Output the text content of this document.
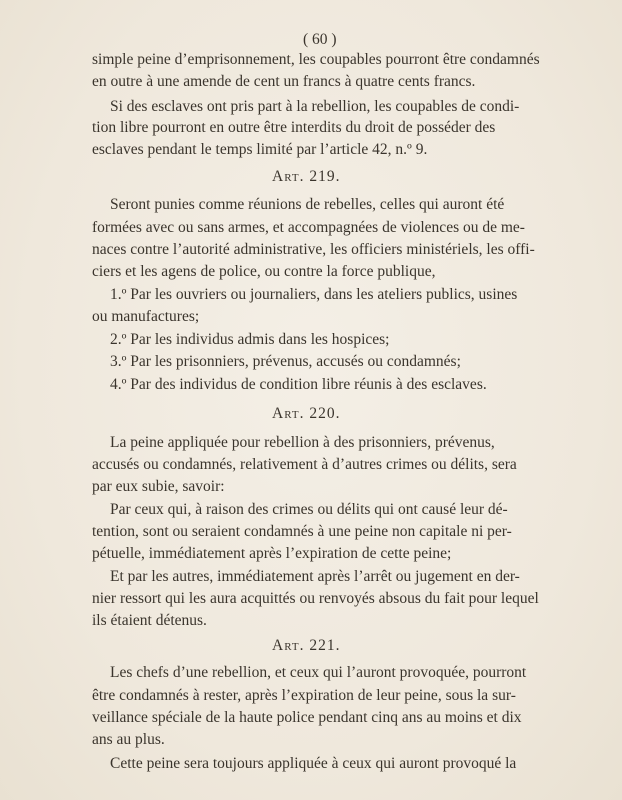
( 60 )
simple peine d’emprisonnement, les coupables pourront être condamnés
en outre à une amende de cent un francs à quatre cents francs.
Si des esclaves ont pris part à la rebellion, les coupables de condi-
tion libre pourront en outre être interdits du droit de posséder des
esclaves pendant le temps limité par l’article 42, n.º 9.
Art. 219.
Seront punies comme réunions de rebelles, celles qui auront été
formées avec ou sans armes, et accompagnées de violences ou de me-
naces contre l’autorité administrative, les officiers ministériels, les offi-
ciers et les agens de police, ou contre la force publique,
1.º Par les ouvriers ou journaliers, dans les ateliers publics, usines
ou manufactures;
2.º Par les individus admis dans les hospices;
3.º Par les prisonniers, prévenus, accusés ou condamnés;
4.º Par des individus de condition libre réunis à des esclaves.
Art. 220.
La peine appliquée pour rebellion à des prisonniers, prévenus,
accusés ou condamnés, relativement à d’autres crimes ou délits, sera
par eux subie, savoir:
Par ceux qui, à raison des crimes ou délits qui ont causé leur dé-
tention, sont ou seraient condamnés à une peine non capitale ni per-
pétuelle, immédiatement après l’expiration de cette peine;
Et par les autres, immédiatement après l’arrêt ou jugement en der-
nier ressort qui les aura acquittés ou renvoyés absous du fait pour lequel
ils étaient détenus.
Art. 221.
Les chefs d’une rebellion, et ceux qui l’auront provoquée, pourront
être condamnés à rester, après l’expiration de leur peine, sous la sur-
veillance spéciale de la haute police pendant cinq ans au moins et dix
ans au plus.
Cette peine sera toujours appliquée à ceux qui auront provoqué la
